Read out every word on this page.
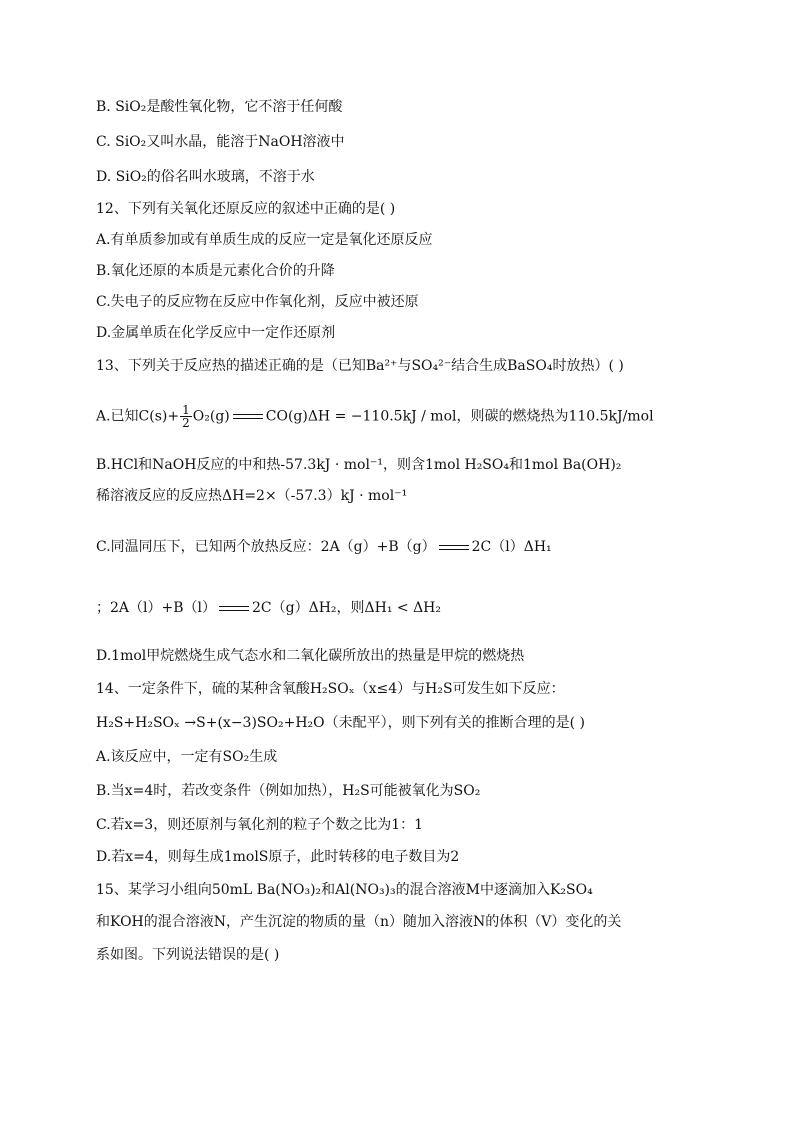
B. SiO₂是酸性氧化物，它不溶于任何酸
C. SiO₂又叫水晶，能溶于NaOH溶液中
D. SiO₂的俗名叫水玻璃，不溶于水
12、下列有关氧化还原反应的叙述中正确的是( )
A.有单质参加或有单质生成的反应一定是氧化还原反应
B.氧化还原的本质是元素化合价的升降
C.失电子的反应物在反应中作氧化剂，反应中被还原
D.金属单质在化学反应中一定作还原剂
13、下列关于反应热的描述正确的是（已知Ba²⁺与SO₄²⁻结合生成BaSO₄时放热）( )
A.已知$C(s)+ \frac{1}{2} O_2(g)$	CO(g)ΔH = −110.5kJ / mol，则碳的燃烧热为110.5kJ/mol
B.HCl和NaOH反应的中和热-57.3kJ · mol⁻¹，则含1mol H₂SO₄和1mol Ba(OH)₂
稀溶液反应的反应热ΔH=2×（-57.3）kJ · mol⁻¹
C.同温同压下，已知两个放热反应：2A（g）+B（g）	2C（l）ΔH₁
；2A（l）+B（l）	2C（g）ΔH₂，则ΔH₁ < ΔH₂
D.1mol甲烷燃烧生成气态水和二氧化碳所放出的热量是甲烷的燃烧热
14、一定条件下，硫的某种含氧酸H₂SOₓ（x≤4）与H₂S可发生如下反应：
H₂S+H₂SOₓ →S+(x−3)SO₂+H₂O（未配平），则下列有关的推断合理的是( )
A.该反应中，一定有SO₂生成
B.当x=4时，若改变条件（例如加热），H₂S可能被氧化为SO₂
C.若x=3，则还原剂与氧化剂的粒子个数之比为1：1
D.若x=4，则每生成1molS原子，此时转移的电子数目为2
15、某学习小组向50mL Ba(NO₃)₂和Al(NO₃)₃的混合溶液M中逐滴加入K₂SO₄
和KOH的混合溶液N，产生沉淀的物质的量（n）随加入溶液N的体积（V）变化的关
系如图。下列说法错误的是( )
